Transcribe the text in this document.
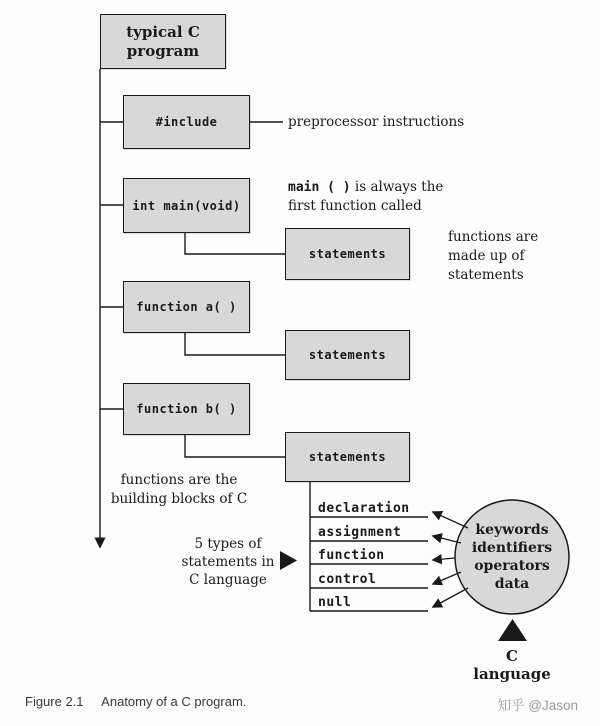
typical C
program
#include
int main(void)
function a( )
function b( )
statements
statements
statements
preprocessor instructions
main ( ) is always the
first function called
functions are
made up of
statements
functions are the
building blocks of C
5 types of
statements in
C language
declaration
assignment
function
control
null
keywords
identifiers
operators
data
C
language
Figure 2.1 Anatomy of a C program.	知乎 @Jason
